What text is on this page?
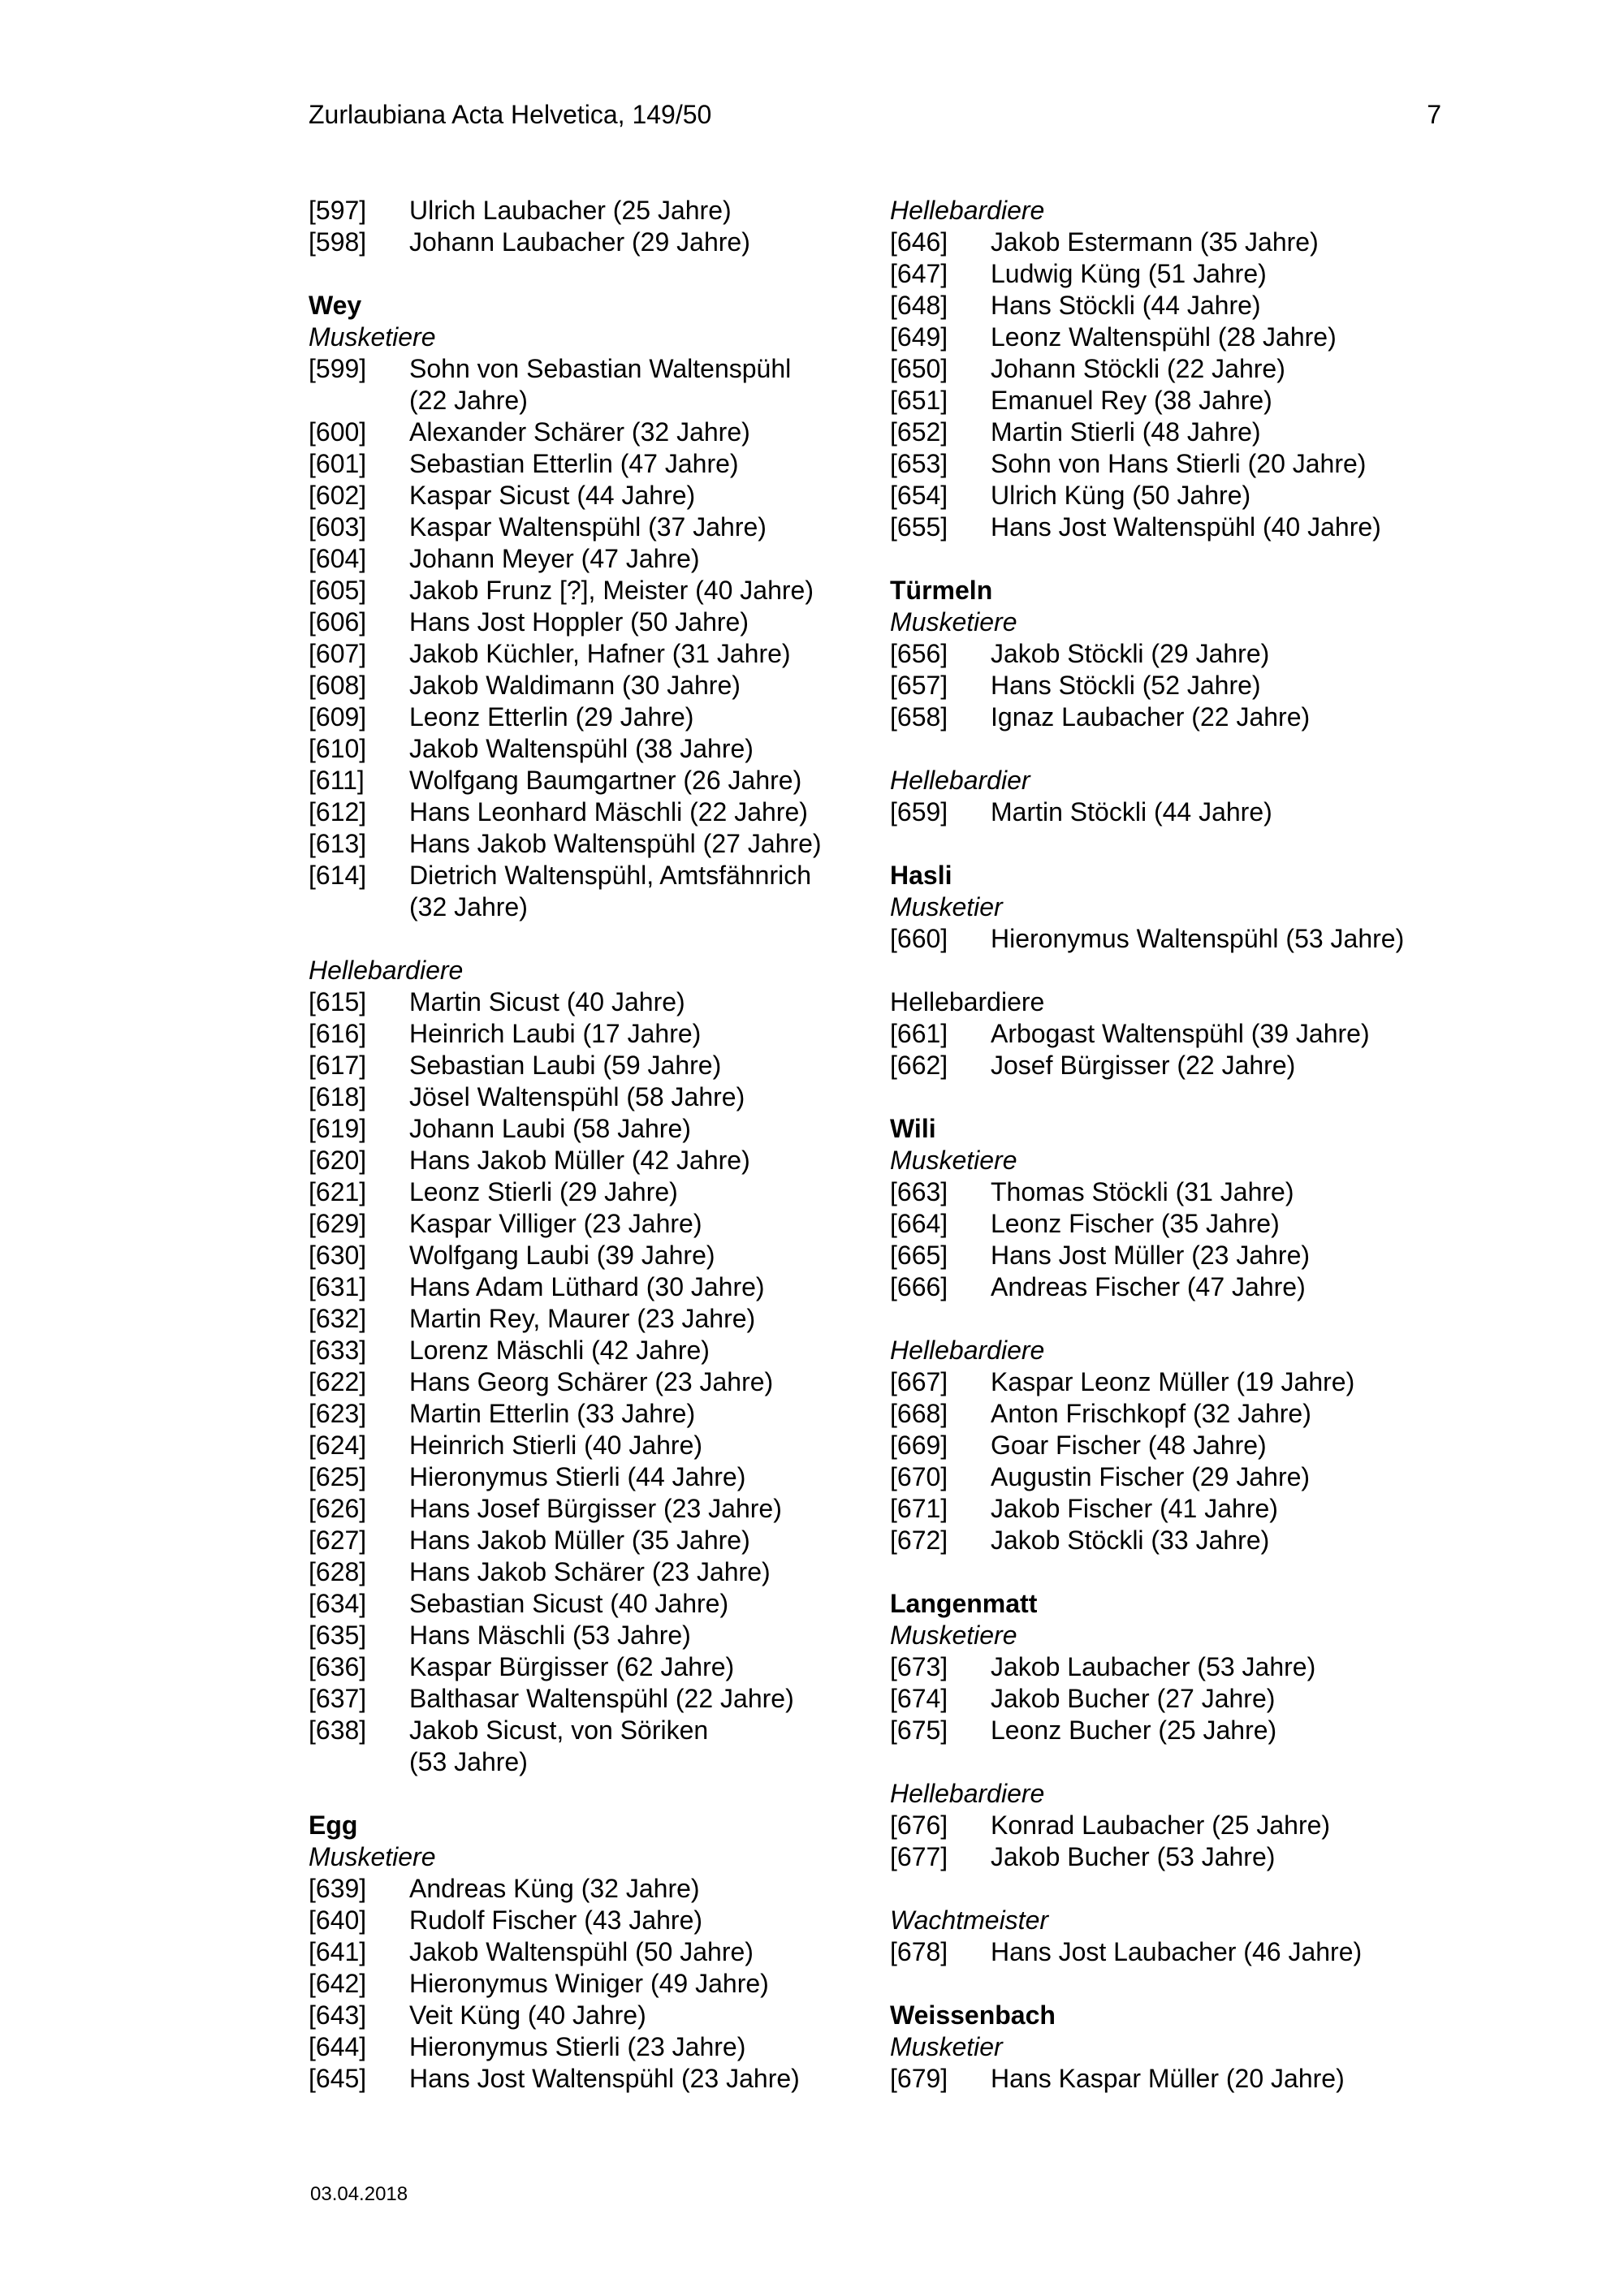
Zurlaubiana Acta Helvetica, 149/50	7
[597]	Ulrich Laubacher (25 Jahre)
[598]	Johann Laubacher (29 Jahre)
Wey
Musketiere
[599]	Sohn von Sebastian Waltenspühl
(22 Jahre)
[600]	Alexander Schärer (32 Jahre)
[601]	Sebastian Etterlin (47 Jahre)
[602]	Kaspar Sicust (44 Jahre)
[603]	Kaspar Waltenspühl (37 Jahre)
[604]	Johann Meyer (47 Jahre)
[605]	Jakob Frunz [?], Meister (40 Jahre)
[606]	Hans Jost Hoppler (50 Jahre)
[607]	Jakob Küchler, Hafner (31 Jahre)
[608]	Jakob Waldimann (30 Jahre)
[609]	Leonz Etterlin (29 Jahre)
[610]	Jakob Waltenspühl (38 Jahre)
[611]	Wolfgang Baumgartner (26 Jahre)
[612]	Hans Leonhard Mäschli (22 Jahre)
[613]	Hans Jakob Waltenspühl (27 Jahre)
[614]	Dietrich Waltenspühl, Amtsfähnrich
(32 Jahre)
Hellebardiere
[615]	Martin Sicust (40 Jahre)
[616]	Heinrich Laubi (17 Jahre)
[617]	Sebastian Laubi (59 Jahre)
[618]	Jösel Waltenspühl (58 Jahre)
[619]	Johann Laubi (58 Jahre)
[620]	Hans Jakob Müller (42 Jahre)
[621]	Leonz Stierli (29 Jahre)
[629]	Kaspar Villiger (23 Jahre)
[630]	Wolfgang Laubi (39 Jahre)
[631]	Hans Adam Lüthard (30 Jahre)
[632]	Martin Rey, Maurer (23 Jahre)
[633]	Lorenz Mäschli (42 Jahre)
[622]	Hans Georg Schärer (23 Jahre)
[623]	Martin Etterlin (33 Jahre)
[624]	Heinrich Stierli (40 Jahre)
[625]	Hieronymus Stierli (44 Jahre)
[626]	Hans Josef Bürgisser (23 Jahre)
[627]	Hans Jakob Müller (35 Jahre)
[628]	Hans Jakob Schärer (23 Jahre)
[634]	Sebastian Sicust (40 Jahre)
[635]	Hans Mäschli (53 Jahre)
[636]	Kaspar Bürgisser (62 Jahre)
[637]	Balthasar Waltenspühl (22 Jahre)
[638]	Jakob Sicust, von Söriken
(53 Jahre)
Egg
Musketiere
[639]	Andreas Küng (32 Jahre)
[640]	Rudolf Fischer (43 Jahre)
[641]	Jakob Waltenspühl (50 Jahre)
[642]	Hieronymus Winiger (49 Jahre)
[643]	Veit Küng (40 Jahre)
[644]	Hieronymus Stierli (23 Jahre)
[645]	Hans Jost Waltenspühl (23 Jahre)
Hellebardiere
[646]	Jakob Estermann (35 Jahre)
[647]	Ludwig Küng (51 Jahre)
[648]	Hans Stöckli (44 Jahre)
[649]	Leonz Waltenspühl (28 Jahre)
[650]	Johann Stöckli (22 Jahre)
[651]	Emanuel Rey (38 Jahre)
[652]	Martin Stierli (48 Jahre)
[653]	Sohn von Hans Stierli (20 Jahre)
[654]	Ulrich Küng (50 Jahre)
[655]	Hans Jost Waltenspühl (40 Jahre)
Türmeln
Musketiere
[656]	Jakob Stöckli (29 Jahre)
[657]	Hans Stöckli (52 Jahre)
[658]	Ignaz Laubacher (22 Jahre)
Hellebardier
[659]	Martin Stöckli (44 Jahre)
Hasli
Musketier
[660]	Hieronymus Waltenspühl (53 Jahre)
Hellebardiere
[661]	Arbogast Waltenspühl (39 Jahre)
[662]	Josef Bürgisser (22 Jahre)
Wili
Musketiere
[663]	Thomas Stöckli (31 Jahre)
[664]	Leonz Fischer (35 Jahre)
[665]	Hans Jost Müller (23 Jahre)
[666]	Andreas Fischer (47 Jahre)
Hellebardiere
[667]	Kaspar Leonz Müller (19 Jahre)
[668]	Anton Frischkopf (32 Jahre)
[669]	Goar Fischer (48 Jahre)
[670]	Augustin Fischer (29 Jahre)
[671]	Jakob Fischer (41 Jahre)
[672]	Jakob Stöckli (33 Jahre)
Langenmatt
Musketiere
[673]	Jakob Laubacher (53 Jahre)
[674]	Jakob Bucher (27 Jahre)
[675]	Leonz Bucher (25 Jahre)
Hellebardiere
[676]	Konrad Laubacher (25 Jahre)
[677]	Jakob Bucher (53 Jahre)
Wachtmeister
[678]	Hans Jost Laubacher (46 Jahre)
Weissenbach
Musketier
[679]	Hans Kaspar Müller (20 Jahre)
03.04.2018
